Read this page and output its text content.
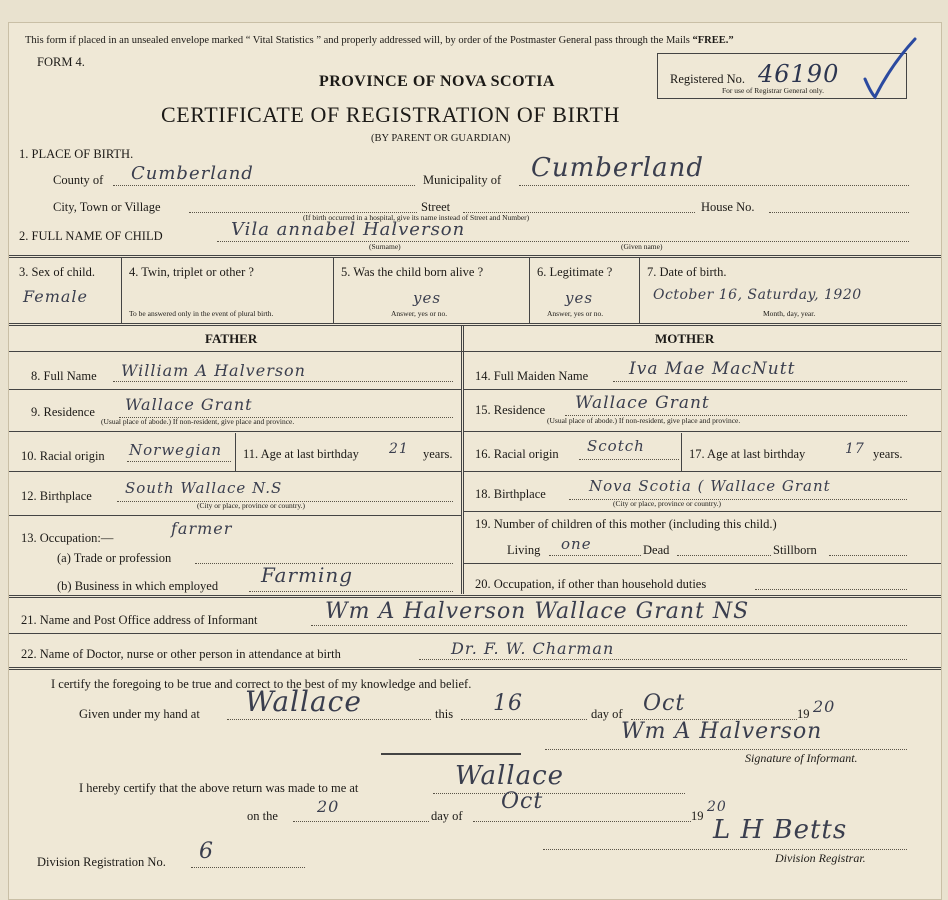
This form if placed in an unsealed envelope marked “ Vital Statistics ” and properly addressed will, by order of the Postmaster General pass through the Mails “FREE.”
FORM 4.
PROVINCE OF NOVA SCOTIA
CERTIFICATE OF REGISTRATION OF BIRTH
(BY PARENT OR GUARDIAN)
Registered No. 46190
For use of Registrar General only.
1. PLACE OF BIRTH.
County of Cumberland	Municipality of Cumberland
City, Town or Village	Street	House No.
(If birth occurred in a hospital, give its name instead of Street and Number)
2. FULL NAME OF CHILD	Vila annabel Halverson
(Surname)	(Given name)
3. Sex of child.
Female
4. Twin, triplet or other ?
To be answered only in the event of plural birth.
5. Was the child born alive ?
yes
Answer, yes or no.
6. Legitimate ?
yes
Answer, yes or no.
7. Date of birth.
October 16, Saturday, 1920
Month, day, year.
FATHER	MOTHER
8. Full Name William A Halverson
9. Residence Wallace Grant
(Usual place of abode.) If non-resident, give place and province.
10. Racial origin Norwegian 11. Age at last birthday 21 years.
12. Birthplace South Wallace N.S
(City or place, province or country.)
13. Occupation:—	farmer
(a) Trade or profession
(b) Business in which employed Farming
14. Full Maiden Name Iva Mae MacNutt
15. Residence Wallace Grant
(Usual place of abode.) If non-resident, give place and province.
16. Racial origin Scotch	17. Age at last birthday	17 years.
18. Birthplace	Nova Scotia ( Wallace Grant
(City or place, province or country.)
19. Number of children of this mother (including this child.)
Living one	Dead	Stillborn
20. Occupation, if other than household duties
21. Name and Post Office address of Informant	Wm A Halverson Wallace Grant NS
22. Name of Doctor, nurse or other person in attendance at birth	Dr. F. W. Charman
I certify the foregoing to be true and correct to the best of my knowledge and belief.
Given under my hand at Wallace	this 16	day of Oct	19 20
Wm A Halverson
Signature of Informant.
I hereby certify that the above return was made to me at	Wallace
on the 20	day of
Oct
19
20
Division Registration No. 6
L H Betts
Division Registrar.
